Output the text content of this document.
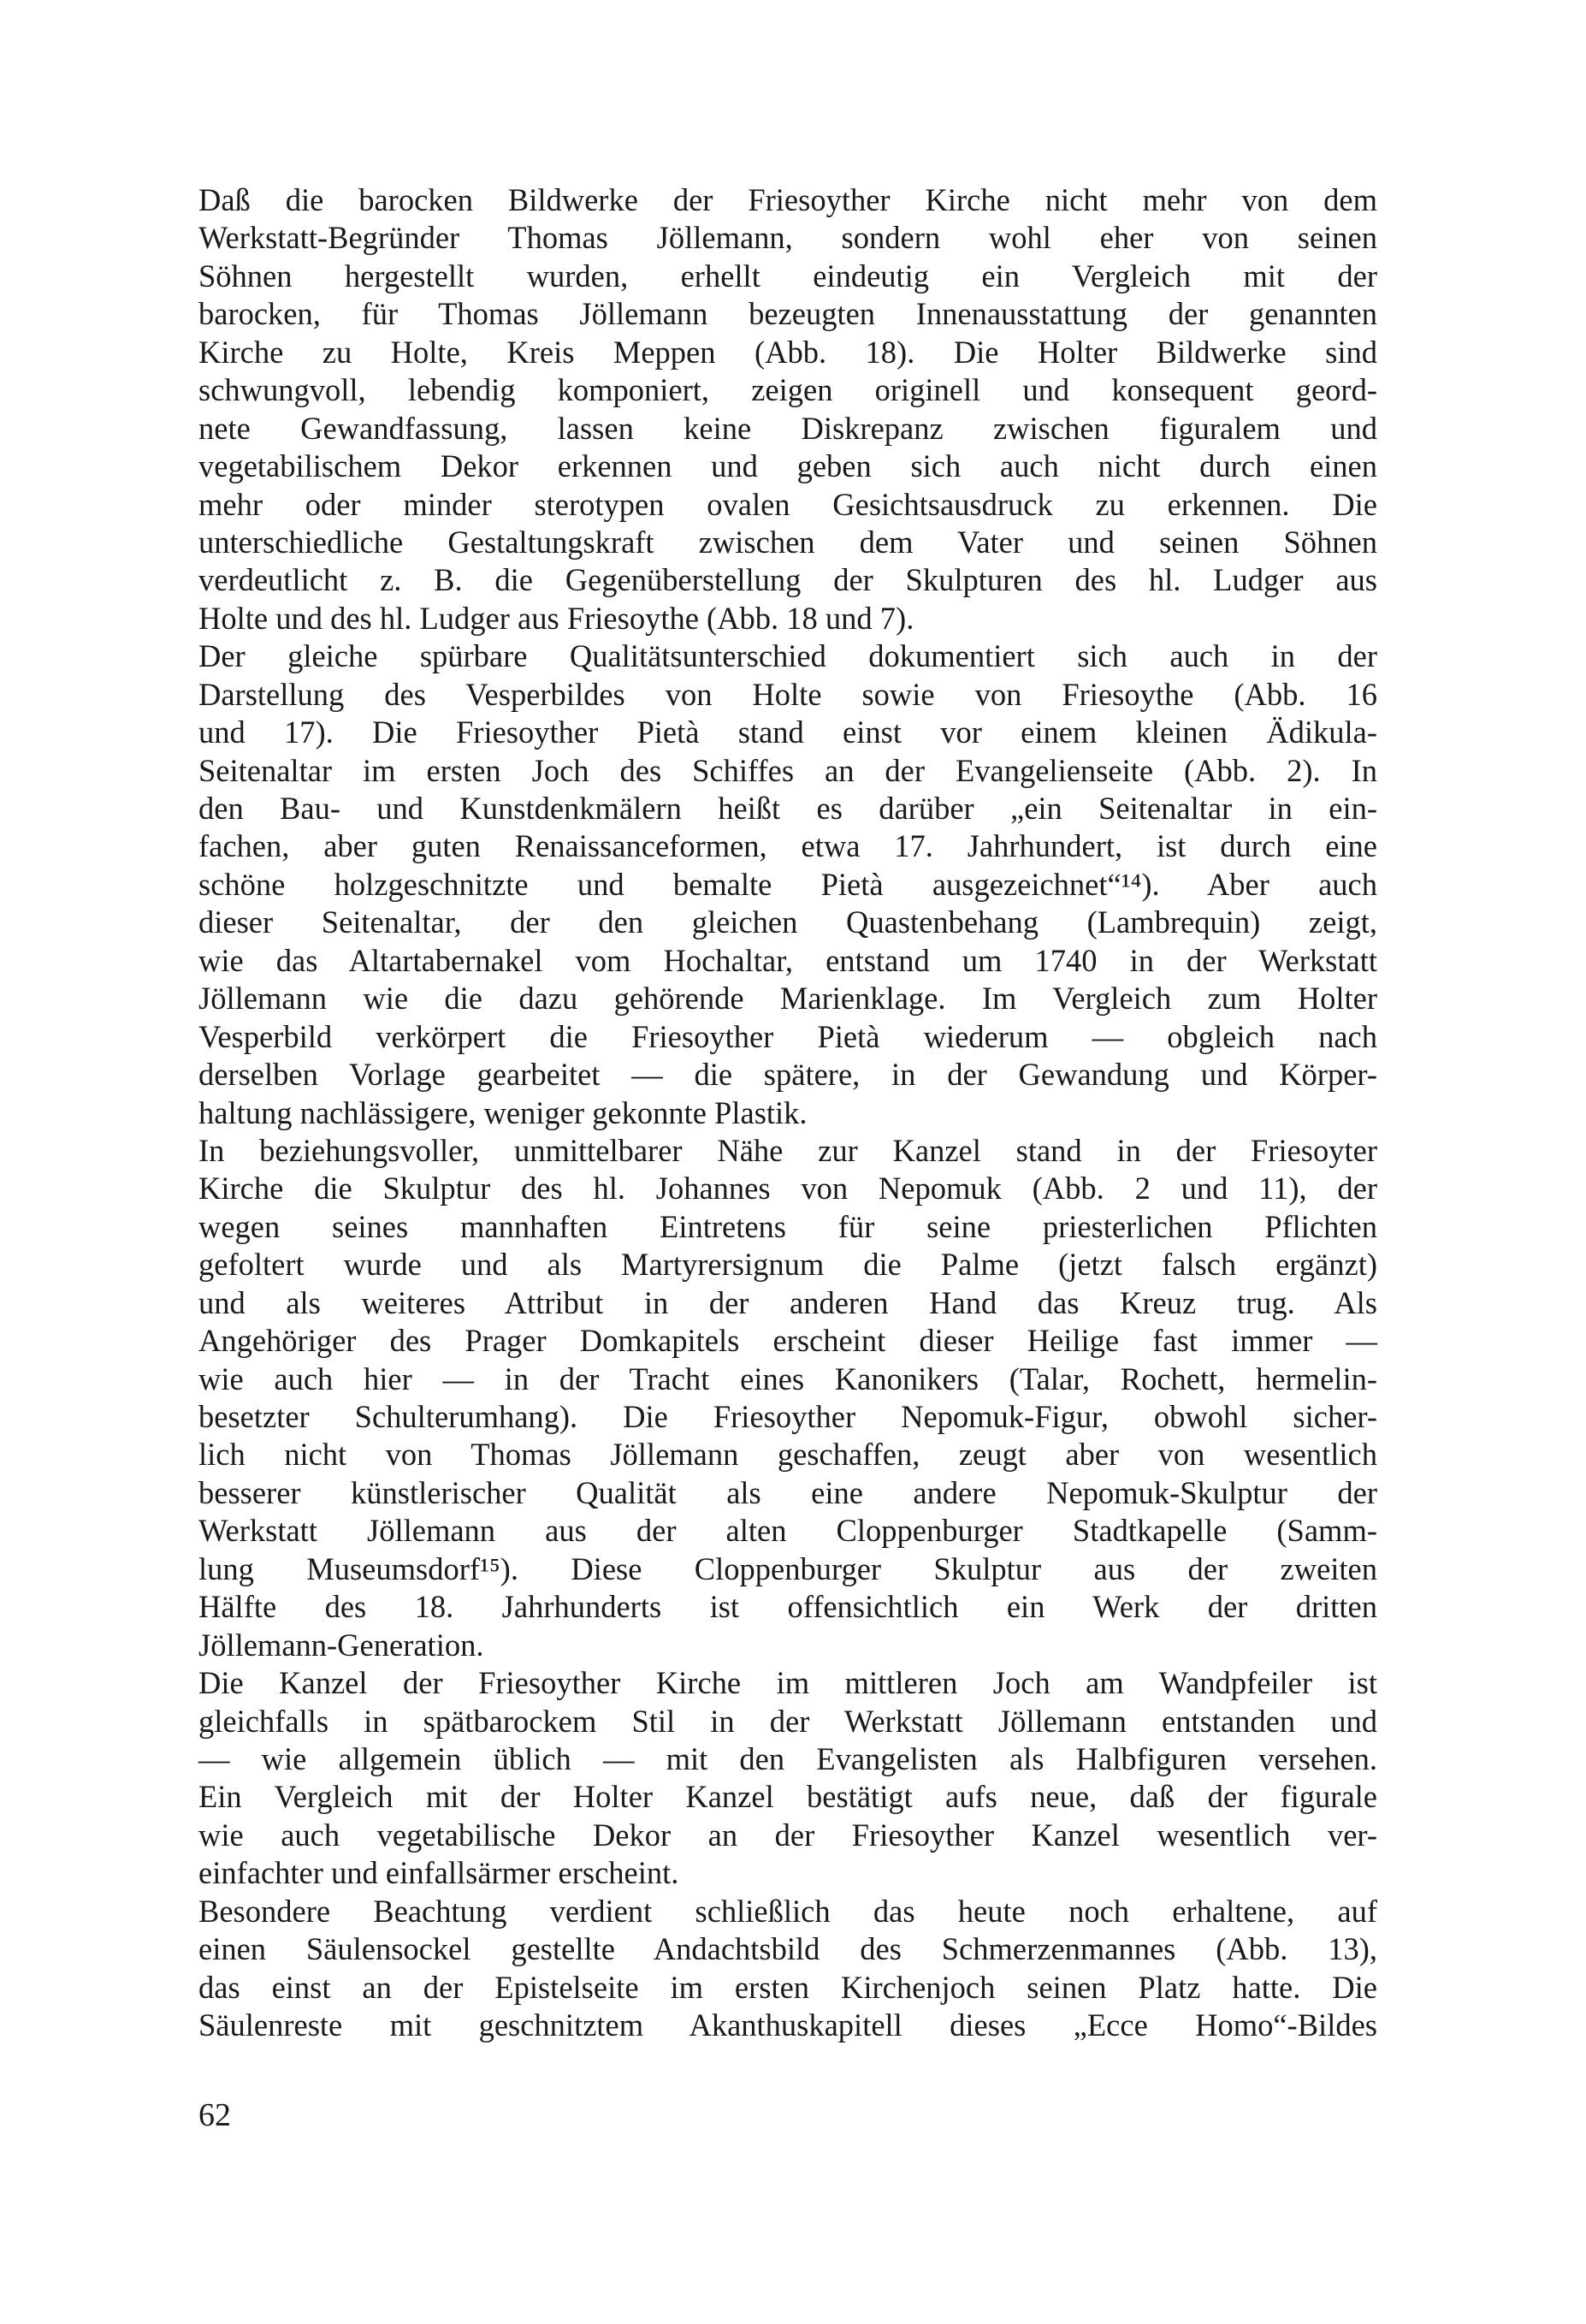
Daß die barocken Bildwerke der Friesoyther Kirche nicht mehr von dem
Werkstatt-Begründer Thomas Jöllemann, sondern wohl eher von seinen
Söhnen hergestellt wurden, erhellt eindeutig ein Vergleich mit der
barocken, für Thomas Jöllemann bezeugten Innenausstattung der genannten
Kirche zu Holte, Kreis Meppen (Abb. 18). Die Holter Bildwerke sind
schwungvoll, lebendig komponiert, zeigen originell und konsequent geord-
nete Gewandfassung, lassen keine Diskrepanz zwischen figuralem und
vegetabilischem Dekor erkennen und geben sich auch nicht durch einen
mehr oder minder sterotypen ovalen Gesichtsausdruck zu erkennen. Die
unterschiedliche Gestaltungskraft zwischen dem Vater und seinen Söhnen
verdeutlicht z. B. die Gegenüberstellung der Skulpturen des hl. Ludger aus
Holte und des hl. Ludger aus Friesoythe (Abb. 18 und 7).
Der gleiche spürbare Qualitätsunterschied dokumentiert sich auch in der
Darstellung des Vesperbildes von Holte sowie von Friesoythe (Abb. 16
und 17). Die Friesoyther Pietà stand einst vor einem kleinen Ädikula-
Seitenaltar im ersten Joch des Schiffes an der Evangelienseite (Abb. 2). In
den Bau- und Kunstdenkmälern heißt es darüber „ein Seitenaltar in ein-
fachen, aber guten Renaissanceformen, etwa 17. Jahrhundert, ist durch eine
schöne holzgeschnitzte und bemalte Pietà ausgezeichnet“¹⁴). Aber auch
dieser Seitenaltar, der den gleichen Quastenbehang (Lambrequin) zeigt,
wie das Altartabernakel vom Hochaltar, entstand um 1740 in der Werkstatt
Jöllemann wie die dazu gehörende Marienklage. Im Vergleich zum Holter
Vesperbild verkörpert die Friesoyther Pietà wiederum — obgleich nach
derselben Vorlage gearbeitet — die spätere, in der Gewandung und Körper-
haltung nachlässigere, weniger gekonnte Plastik.
In beziehungsvoller, unmittelbarer Nähe zur Kanzel stand in der Friesoyter
Kirche die Skulptur des hl. Johannes von Nepomuk (Abb. 2 und 11), der
wegen seines mannhaften Eintretens für seine priesterlichen Pflichten
gefoltert wurde und als Martyrersignum die Palme (jetzt falsch ergänzt)
und als weiteres Attribut in der anderen Hand das Kreuz trug. Als
Angehöriger des Prager Domkapitels erscheint dieser Heilige fast immer —
wie auch hier — in der Tracht eines Kanonikers (Talar, Rochett, hermelin-
besetzter Schulterumhang). Die Friesoyther Nepomuk-Figur, obwohl sicher-
lich nicht von Thomas Jöllemann geschaffen, zeugt aber von wesentlich
besserer künstlerischer Qualität als eine andere Nepomuk-Skulptur der
Werkstatt Jöllemann aus der alten Cloppenburger Stadtkapelle (Samm-
lung Museumsdorf¹⁵). Diese Cloppenburger Skulptur aus der zweiten
Hälfte des 18. Jahrhunderts ist offensichtlich ein Werk der dritten
Jöllemann-Generation.
Die Kanzel der Friesoyther Kirche im mittleren Joch am Wandpfeiler ist
gleichfalls in spätbarockem Stil in der Werkstatt Jöllemann entstanden und
— wie allgemein üblich — mit den Evangelisten als Halbfiguren versehen.
Ein Vergleich mit der Holter Kanzel bestätigt aufs neue, daß der figurale
wie auch vegetabilische Dekor an der Friesoyther Kanzel wesentlich ver-
einfachter und einfallsärmer erscheint.
Besondere Beachtung verdient schließlich das heute noch erhaltene, auf
einen Säulensockel gestellte Andachtsbild des Schmerzenmannes (Abb. 13),
das einst an der Epistelseite im ersten Kirchenjoch seinen Platz hatte. Die
Säulenreste mit geschnitztem Akanthuskapitell dieses „Ecce Homo“-Bildes
62
